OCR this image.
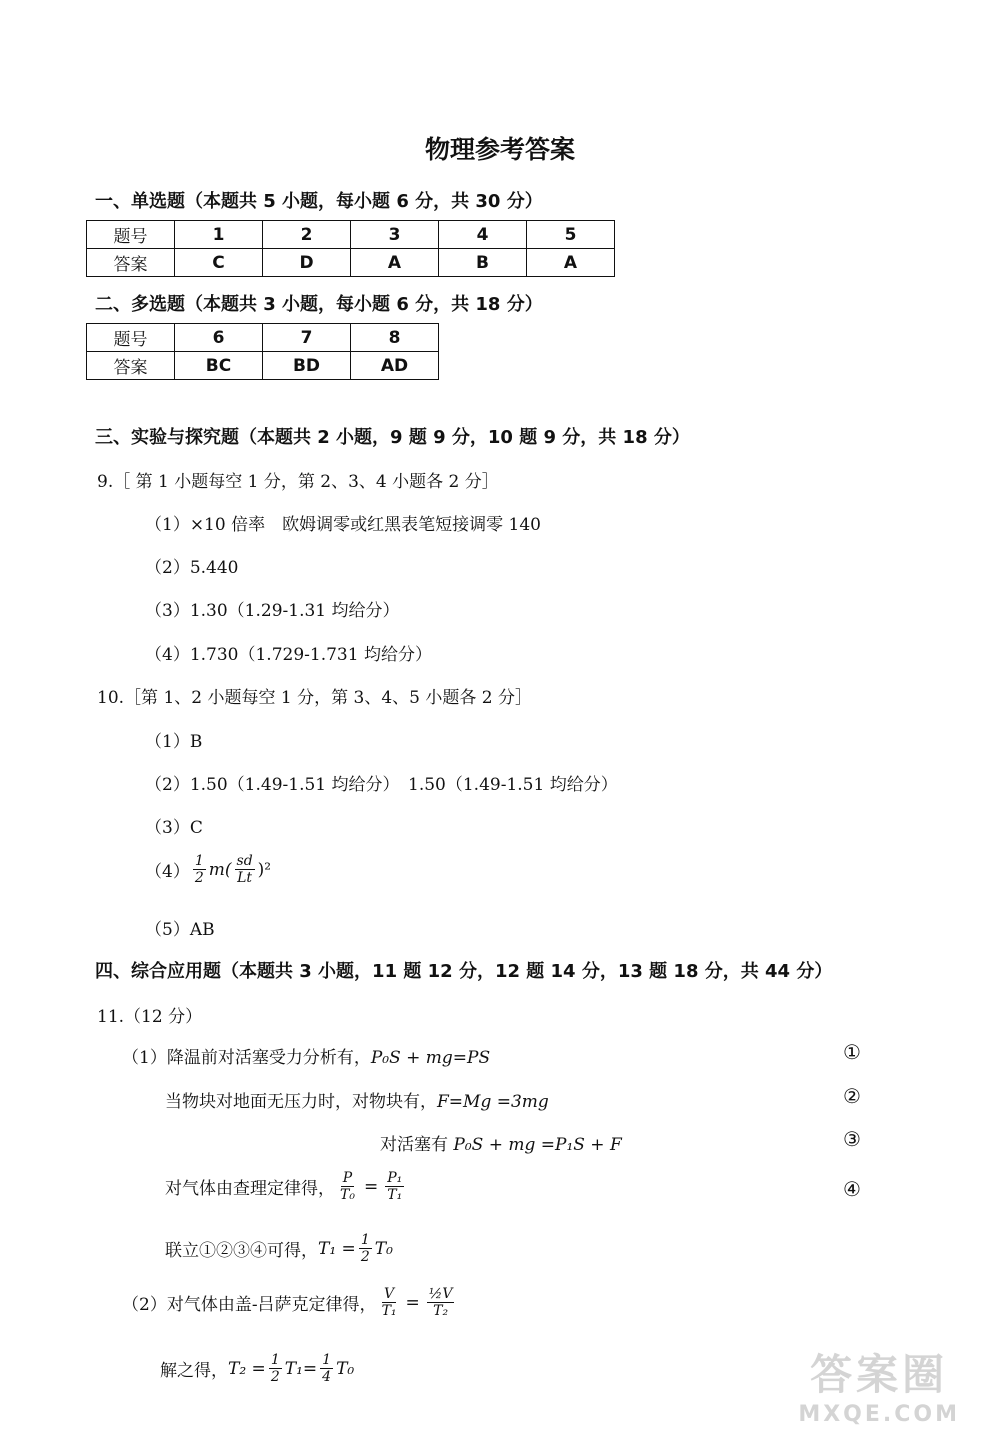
物理参考答案
一、单选题（本题共 5 小题，每小题 6 分，共 30 分）
题号	1	2	3	4	5
答案	C	D	A	B	A
二、多选题（本题共 3 小题，每小题 6 分，共 18 分）
题号	6	7	8
答案	BC	BD	AD
三、实验与探究题（本题共 2 小题，9 题 9 分，10 题 9 分，共 18 分）
9.［ 第 1 小题每空 1 分，第 2、3、4 小题各 2 分］
（1）×10 倍率　欧姆调零或红黑表笔短接调零 140
（2）5.440
（3）1.30（1.29-1.31 均给分）
（4）1.730（1.729-1.731 均给分）
10.［第 1、2 小题每空 1 分，第 3、4、5 小题各 2 分］
（1）B
（2）1.50（1.49-1.51 均给分）　1.50（1.49-1.51 均给分）
（3）C
$(4) \frac{1}{2} m( \frac{sd}{Lt} )^2$
（5）AB
四、综合应用题（本题共 3 小题，11 题 12 分，12 题 14 分，13 题 18 分，共 44 分）
11.（12 分）
（1）降温前对活塞受力分析有，P₀S + mg=PS	①
当物块对地面无压力时，对物块有，F=Mg =3mg	②
对活塞有 P₀S + mg =P₁S + F	③
对气体由查理定律得， $\frac{P}{\text{T₀}} = \frac{\text{P₁}}{\text{T₁}}$	④
联立①②③④可得， $T_1 = \frac{1}{2} T_0$
（2）对气体由盖-吕萨克定律得， $\frac{V}{\text{T₁}} = \frac{\text{½V}}{\text{T₂}}$
解之得， $T_2 = \frac{1}{2} T_1= \frac{1}{4} T_0$	答案圈
MXQE.COM
